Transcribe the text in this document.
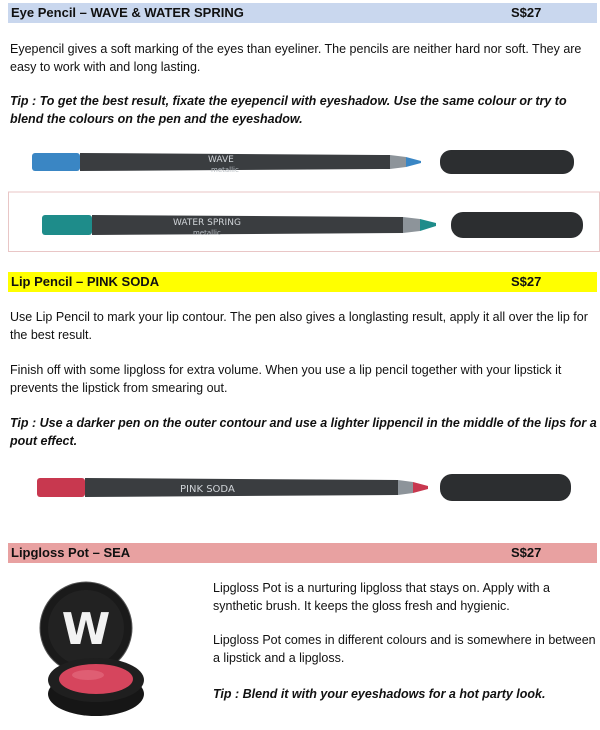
Eye Pencil – WAVE & WATER SPRING	S$27

Eyepencil gives a soft marking of the eyes than eyeliner. The pencils are neither hard nor soft. They are easy to work with and long lasting.

Tip : To get the best result, fixate the eyepencil with eyeshadow. Use the same colour or try to blend the colours on the pen and the eyeshadow.

WAVE
metallic
WATER SPRING
metallic
Lip Pencil – PINK SODA	S$27

Use Lip Pencil to mark your lip contour. The pen also gives a longlasting result, apply it all over the lip for the best result.

Finish off with some lipgloss for extra volume. When you use a lip pencil together with your lipstick it prevents the lipstick from smearing out.

Tip : Use a darker pen on the outer contour and use a lighter lippencil in the middle of the lips for a pout effect.

PINK SODA
Lipgloss Pot – SEA	S$27
W

Lipgloss Pot is a nurturing lipgloss that stays on. Apply with a synthetic brush. It keeps the gloss fresh and hygienic.

Lipgloss Pot comes in different colours and is somewhere in between a lipstick and a lipgloss.

Tip : Blend it with your eyeshadows for a hot party look.
